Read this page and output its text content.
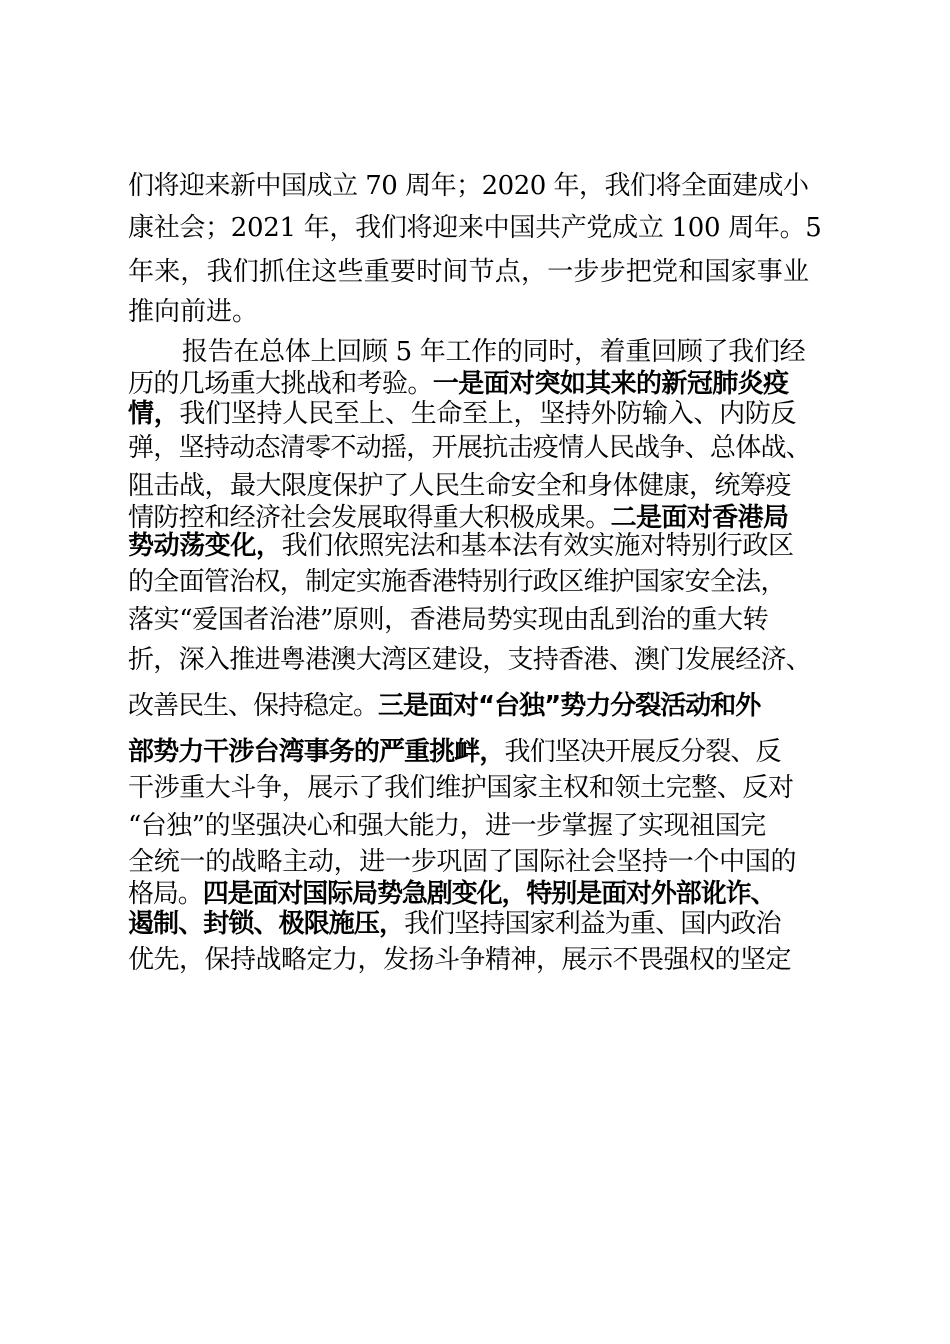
们将迎来新中国成立 70 周年；2020 年，我们将全面建成小
康社会；2021 年，我们将迎来中国共产党成立 100 周年。5
年来，我们抓住这些重要时间节点，一步步把党和国家事业
推向前进。
报告在总体上回顾 5 年工作的同时，着重回顾了我们经
历的几场重大挑战和考验。一是面对突如其来的新冠肺炎疫
情，我们坚持人民至上、生命至上，坚持外防输入、内防反
弹，坚持动态清零不动摇，开展抗击疫情人民战争、总体战、
阻击战，最大限度保护了人民生命安全和身体健康，统筹疫
情防控和经济社会发展取得重大积极成果。二是面对香港局
势动荡变化，我们依照宪法和基本法有效实施对特别行政区
的全面管治权，制定实施香港特别行政区维护国家安全法，
落实“爱国者治港”原则，香港局势实现由乱到治的重大转
折，深入推进粤港澳大湾区建设，支持香港、澳门发展经济、
改善民生、保持稳定。三是面对“台独”势力分裂活动和外
部势力干涉台湾事务的严重挑衅，我们坚决开展反分裂、反
干涉重大斗争，展示了我们维护国家主权和领土完整、反对
“台独”的坚强决心和强大能力，进一步掌握了实现祖国完
全统一的战略主动，进一步巩固了国际社会坚持一个中国的
格局。四是面对国际局势急剧变化，特别是面对外部讹诈、
遏制、封锁、极限施压，我们坚持国家利益为重、国内政治
优先，保持战略定力，发扬斗争精神，展示不畏强权的坚定
